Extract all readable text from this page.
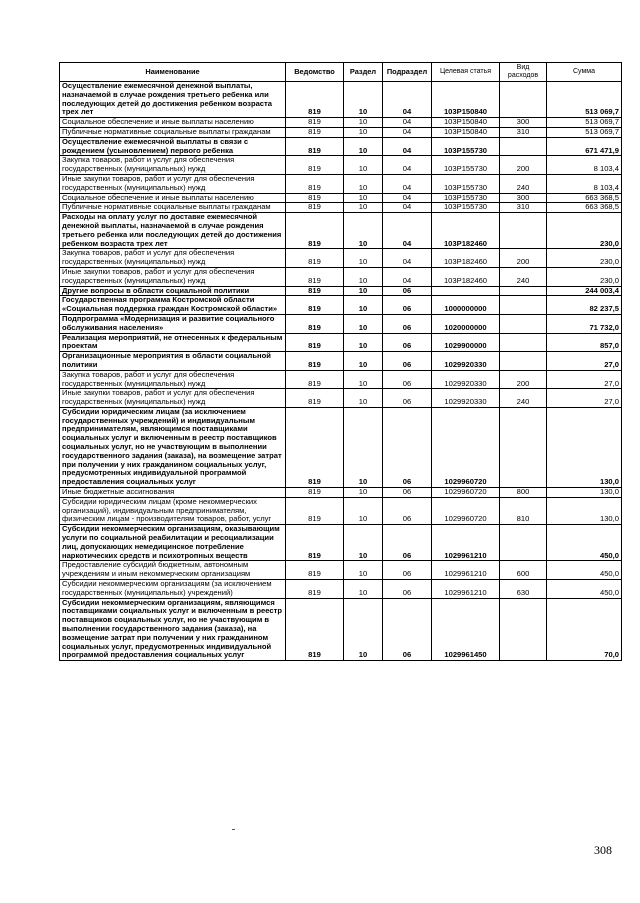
Наименование	Ведомство	Раздел	Подраздел	Целевая статья	Вид расходов	Сумма
Осуществление ежемесячной денежной выплаты, назначаемой в случае рождения третьего ребенка или последующих детей до достижения ребенком возраста трех лет	819	10	04	103P150840		513 069,7
Социальное обеспечение и иные выплаты населению	819	10	04	103P150840	300	513 069,7
Публичные нормативные социальные выплаты гражданам	819	10	04	103P150840	310	513 069,7
Осуществление ежемесячной выплаты в связи с рождением (усыновлением) первого ребенка	819	10	04	103P155730		671 471,9
Закупка товаров, работ и услуг для обеспечения государственных (муниципальных) нужд	819	10	04	103P155730	200	8 103,4
Иные закупки товаров, работ и услуг для обеспечения государственных (муниципальных) нужд	819	10	04	103P155730	240	8 103,4
Социальное обеспечение и иные выплаты населению	819	10	04	103P155730	300	663 368,5
Публичные нормативные социальные выплаты гражданам	819	10	04	103P155730	310	663 368,5
Расходы на оплату услуг по доставке ежемесячной денежной выплаты, назначаемой в случае рождения третьего ребенка или последующих детей до достижения ребенком возраста трех лет	819	10	04	103P182460		230,0
Закупка товаров, работ и услуг для обеспечения государственных (муниципальных) нужд	819	10	04	103P182460	200	230,0
Иные закупки товаров, работ и услуг для обеспечения государственных (муниципальных) нужд	819	10	04	103P182460	240	230,0
Другие вопросы в области социальной политики	819	10	06			244 003,4
Государственная программа Костромской области «Социальная поддержка граждан Костромской области»	819	10	06	1000000000		82 237,5
Подпрограмма «Модернизация и развитие социального обслуживания населения»	819	10	06	1020000000		71 732,0
Реализация мероприятий, не отнесенных к федеральным проектам	819	10	06	1029900000		857,0
Организационные мероприятия в области социальной политики	819	10	06	1029920330		27,0
Закупка товаров, работ и услуг для обеспечения государственных (муниципальных) нужд	819	10	06	1029920330	200	27,0
Иные закупки товаров, работ и услуг для обеспечения государственных (муниципальных) нужд	819	10	06	1029920330	240	27,0
Субсидии юридическим лицам (за исключением государственных учреждений) и индивидуальным предпринимателям, являющимся поставщиками социальных услуг и включенным в реестр поставщиков социальных услуг, но не участвующим в выполнении государственного задания (заказа), на возмещение затрат при получении у них гражданином социальных услуг, предусмотренных индивидуальной программой предоставления социальных услуг	819	10	06	1029960720		130,0
Иные бюджетные ассигнования	819	10	06	1029960720	800	130,0
Субсидии юридическим лицам (кроме некоммерческих организаций), индивидуальным предпринимателям, физическим лицам - производителям товаров, работ, услуг	819	10	06	1029960720	810	130,0
Субсидии некоммерческим организациям, оказывающим услуги по социальной реабилитации и ресоциализации лиц, допускающих немедицинское потребление наркотических средств и психотропных веществ	819	10	06	1029961210		450,0
Предоставление субсидий бюджетным, автономным учреждениям и иным некоммерческим организациям	819	10	06	1029961210	600	450,0
Субсидии некоммерческим организациям (за исключением государственных (муниципальных) учреждений)	819	10	06	1029961210	630	450,0
Субсидии некоммерческим организациям, являющимся поставщиками социальных услуг и включенным в реестр поставщиков социальных услуг, но не участвующим в выполнении государственного задания (заказа), на возмещение затрат при получении у них гражданином социальных услуг, предусмотренных индивидуальной программой предоставления социальных услуг	819	10	06	1029961450		70,0
308
